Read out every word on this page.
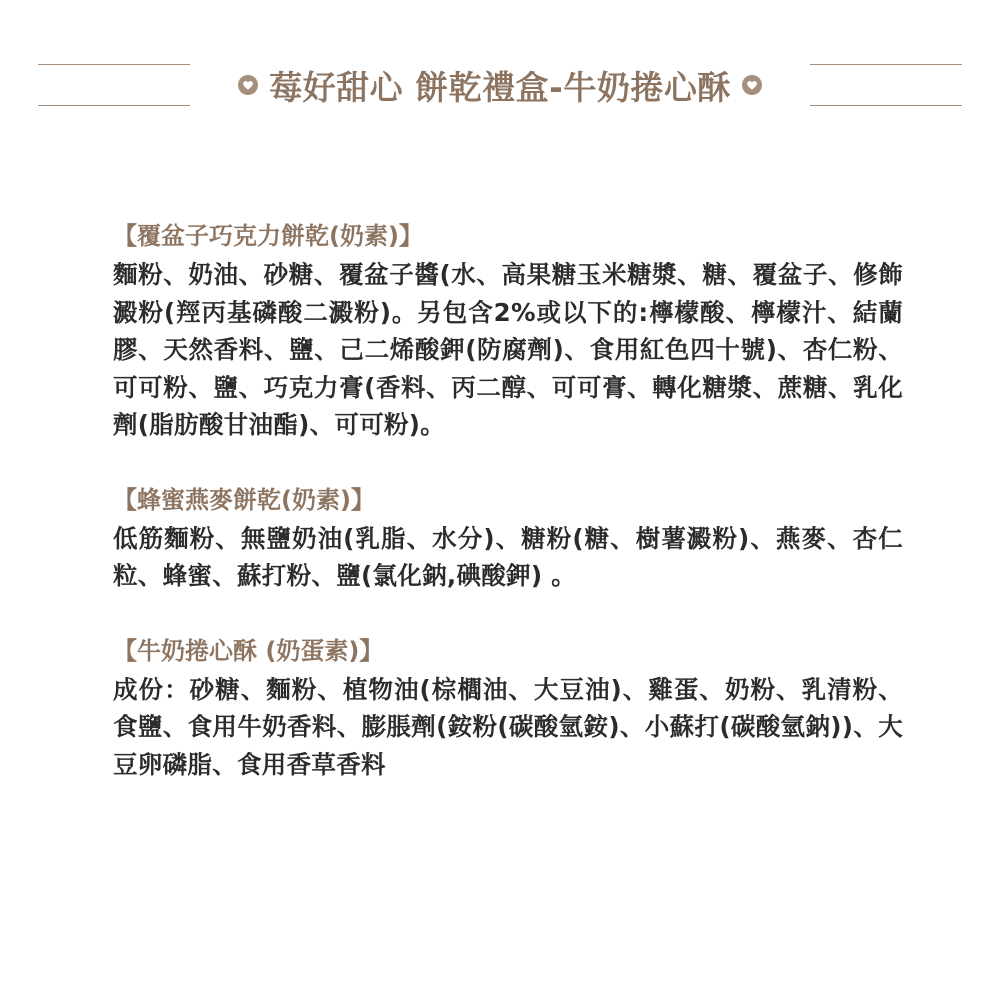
莓好甜心 餅乾禮盒-牛奶捲心酥
【覆盆子巧克力餅乾(奶素)】
麵粉、奶油、砂糖、覆盆子醬(水、高果糖玉米糖漿、糖、覆盆子、修飾澱粉(羥丙基磷酸二澱粉)。另包含2%或以下的:檸檬酸、檸檬汁、結蘭膠、天然香料、鹽、己二烯酸鉀(防腐劑)、食用紅色四十號)、杏仁粉、可可粉、鹽、巧克力膏(香料、丙二醇、可可膏、轉化糖漿、蔗糖、乳化劑(脂肪酸甘油酯)、可可粉)。
【蜂蜜燕麥餅乾(奶素)】
低筋麵粉、無鹽奶油(乳脂、水分)、糖粉(糖、樹薯澱粉)、燕麥、杏仁粒、蜂蜜、蘇打粉、鹽(氯化鈉,碘酸鉀) 。
【牛奶捲心酥 (奶蛋素)】
成份：砂糖、麵粉、植物油(棕櫚油、大豆油)、雞蛋、奶粉、乳清粉、食鹽、食用牛奶香料、膨脹劑(銨粉(碳酸氫銨)、小蘇打(碳酸氫鈉))、大豆卵磷脂、食用香草香料
